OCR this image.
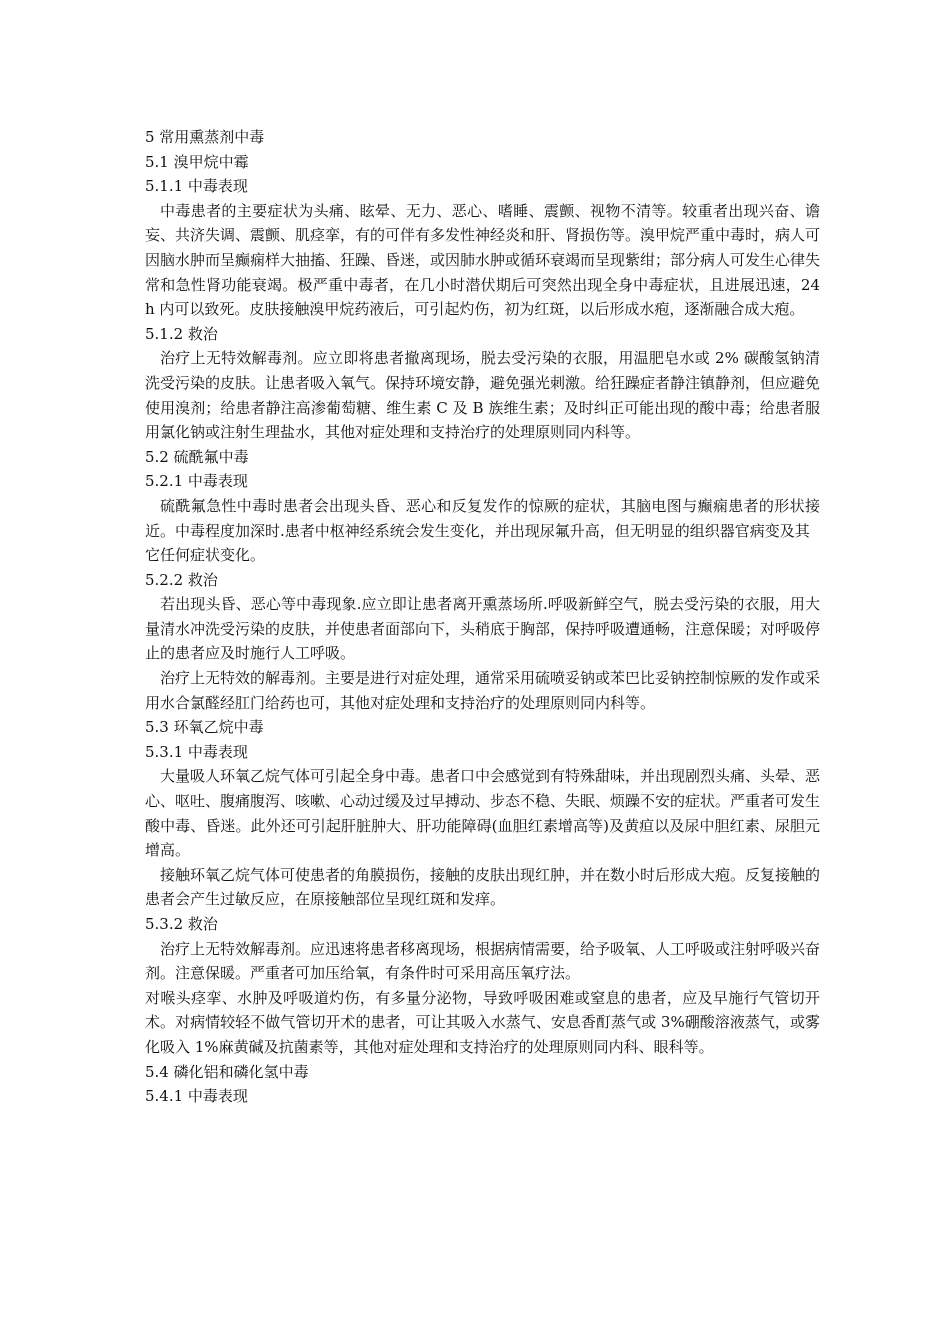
5 常用熏蒸剂中毒
5.1 溴甲烷中霉
5.1.1 中毒表现

中毒患者的主要症状为头痛、眩晕、无力、恶心、嗜睡、震颤、视物不清等。较重者出现兴奋、谵妄、共济失调、震颤、肌痉挛，有的可伴有多发性神经炎和肝、肾损伤等。溴甲烷严重中毒时，病人可因脑水肿而呈癫痫样大抽搐、狂躁、昏迷，或因肺水肿或循环衰竭而呈现紫绀；部分病人可发生心律失常和急性肾功能衰竭。极严重中毒者，在几小时潜伏期后可突然出现全身中毒症状，且进展迅速，24 h 内可以致死。皮肤接触溴甲烷药液后，可引起灼伤，初为红斑，以后形成水疱，逐渐融合成大疱。

5.1.2 救治

治疗上无特效解毒剂。应立即将患者撤离现场，脱去受污染的衣服，用温肥皂水或 2% 碳酸氢钠清洗受污染的皮肤。让患者吸入氧气。保持环境安静，避免强光刺激。给狂躁症者静注镇静剂，但应避免使用溴剂；给患者静注高渗葡萄糖、维生素 C 及 B 族维生素；及时纠正可能出现的酸中毒；给患者服用氯化钠或注射生理盐水，其他对症处理和支持治疗的处理原则同内科等。

5.2 硫酰氟中毒
5.2.1 中毒表现

硫酰氟急性中毒时患者会出现头昏、恶心和反复发作的惊厥的症状，其脑电图与癫痫患者的形状接近。中毒程度加深时.患者中枢神经系统会发生变化，并出现尿氟升高，但无明显的组织器官病变及其

它任何症状变化。

5.2.2 救治

若出现头昏、恶心等中毒现象.应立即让患者离开熏蒸场所.呼吸新鲜空气，脱去受污染的衣服，用大量清水冲洗受污染的皮肤，并使患者面部向下，头稍底于胸部，保持呼吸遭通畅，注意保暖；对呼吸停止的患者应及时施行人工呼吸。

治疗上无特效的解毒剂。主要是进行对症处理，通常采用硫喷妥钠或苯巴比妥钠控制惊厥的发作或采用水合氯醛经肛门给药也可，其他对症处理和支持治疗的处理原则同内科等。

5.3 环氧乙烷中毒
5.3.1 中毒表现

大量吸人环氧乙烷气体可引起全身中毒。患者口中会感觉到有特殊甜味，并出现剧烈头痛、头晕、恶心、呕吐、腹痛腹泻、咳嗽、心动过缓及过早搏动、步态不稳、失眠、烦躁不安的症状。严重者可发生酸中毒、昏迷。此外还可引起肝脏肿大、肝功能障碍(血胆红素增高等)及黄疸以及尿中胆红素、尿胆元增高。

接触环氧乙烷气体可使患者的角膜损伤，接触的皮肤出现红肿，并在数小时后形成大疱。反复接触的患者会产生过敏反应，在原接触部位呈现红斑和发痒。

5.3.2 救治

治疗上无特效解毒剂。应迅速将患者移离现场，根据病情需要，给予吸氧、人工呼吸或注射呼吸兴奋剂。注意保暖。严重者可加压给氧，有条件时可采用高压氧疗法。

对喉头痉挛、水肿及呼吸道灼伤，有多量分泌物，导致呼吸困难或窒息的患者，应及早施行气管切开术。对病情较轻不做气管切开术的患者，可让其吸入水蒸气、安息香酊蒸气或 3%硼酸溶液蒸气，或雾化吸入 1%麻黄碱及抗菌素等，其他对症处理和支持治疗的处理原则同内科、眼科等。

5.4 磷化铝和磷化氢中毒
5.4.1 中毒表现
